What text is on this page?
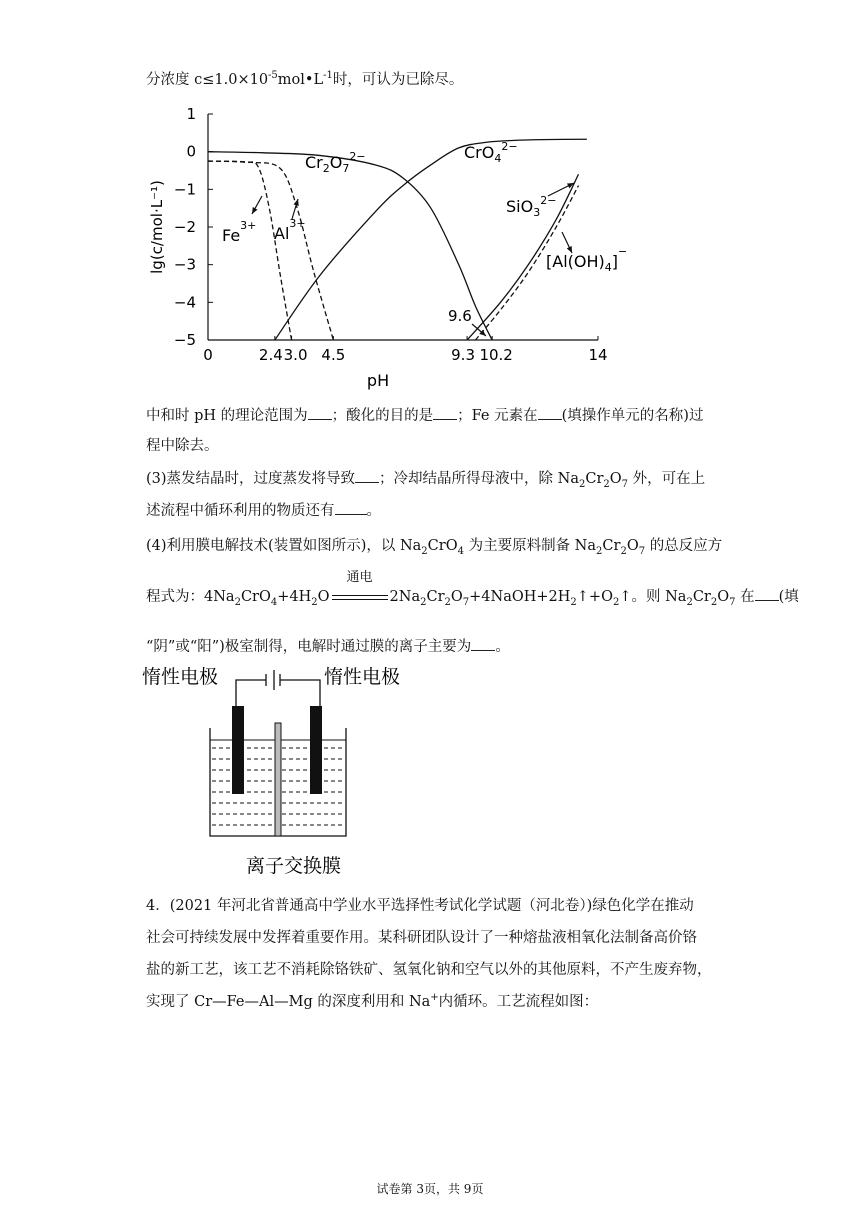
分浓度 $c\le 1.0\times 10^{-5}mol•L^{-1}$时，可认为已除尽。
1
0
−1
−2
−3
−4
−5
0	2.4 3.0 4.5	9.3 10.2	14
pH
lg(c/mol·L⁻¹)
$Cr_2O_7^{2-}$	CrO$_4^{2-}$
$Fe^{3+}$ $Al^{3+}$
SiO$_3^{2-}$
$[Al(OH)_4]^-$
9.6
中和时 pH 的理论范围为 ；酸化的目的是 ；Fe 元素在 (填操作单元的名称)过
程中除去。
(3)蒸发结晶时，过度蒸发将导致 ；冷却结晶所得母液中，除 $Na_2Cr_2O_7$ 外，可在上
述流程中循环利用的物质还有 。
(4)利用膜电解技术(装置如图所示)，以 $Na_2CrO_4$ 为主要原料制备 $Na_2Cr_2O_7$ 的总反应方
程式为：$4Na_2CrO_4+4H_2O$
通电
$2Na_2Cr_2O_7+4NaOH+2H_2↑+O_2↑$。则 $Na_2Cr_2O_7$ 在 (填
“阴”或“阳”)极室制得，电解时通过膜的离子主要为 。
惰性电极	惰性电极
离子交换膜
4．(2021 年河北省普通高中学业水平选择性考试化学试题（河北卷）)绿色化学在推动
社会可持续发展中发挥着重要作用。某科研团队设计了一种熔盐液相氧化法制备高价铬
盐的新工艺，该工艺不消耗除铬铁矿、氢氧化钠和空气以外的其他原料，不产生废弃物，
实现了 Cr—Fe—Al—Mg 的深度利用和 Na+内循环。工艺流程如图：
试卷第 3页，共 9页
